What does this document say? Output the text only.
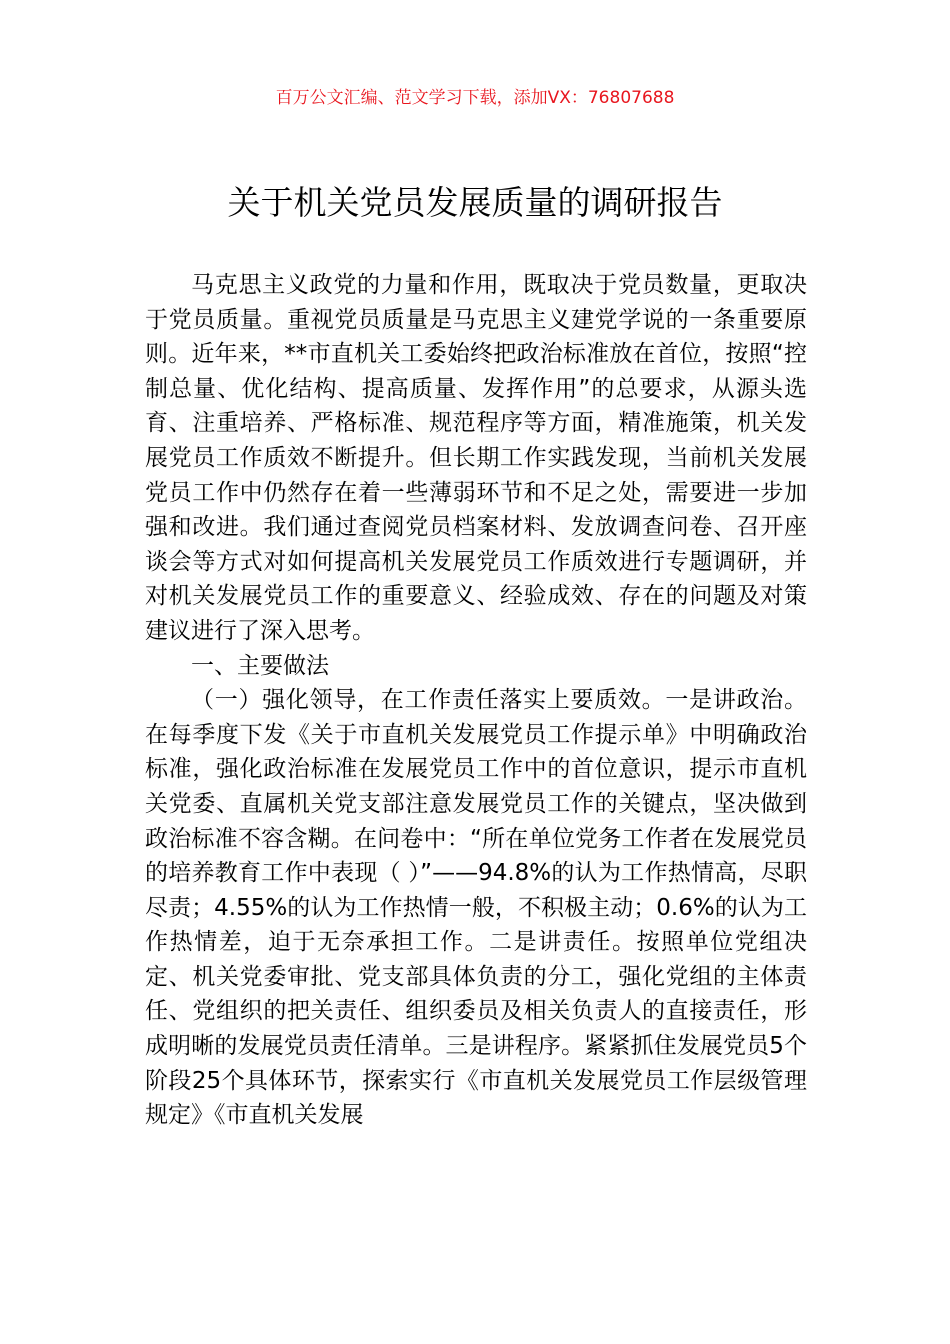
百万公文汇编、范文学习下载，添加VX：76807688
关于机关党员发展质量的调研报告

马克思主义政党的力量和作用，既取决于党员数量，更取决于党员质量。重视党员质量是马克思主义建党学说的一条重要原则。近年来，**市直机关工委始终把政治标准放在首位，按照“控制总量、优化结构、提高质量、发挥作用”的总要求，从源头选育、注重培养、严格标准、规范程序等方面，精准施策，机关发展党员工作质效不断提升。但长期工作实践发现，当前机关发展党员工作中仍然存在着一些薄弱环节和不足之处，需要进一步加强和改进。我们通过查阅党员档案材料、发放调查问卷、召开座谈会等方式对如何提高机关发展党员工作质效进行专题调研，并对机关发展党员工作的重要意义、经验成效、存在的问题及对策建议进行了深入思考。

一、主要做法

（一）强化领导，在工作责任落实上要质效。一是讲政治。在每季度下发《关于市直机关发展党员工作提示单》中明确政治标准，强化政治标准在发展党员工作中的首位意识，提示市直机关党委、直属机关党支部注意发展党员工作的关键点，坚决做到政治标准不容含糊。在问卷中：“所在单位党务工作者在发展党员的培养教育工作中表现（ ）”——94.8%的认为工作热情高，尽职尽责；4.55%的认为工作热情一般，不积极主动；0.6%的认为工作热情差，迫于无奈承担工作。二是讲责任。按照单位党组决定、机关党委审批、党支部具体负责的分工，强化党组的主体责任、党组织的把关责任、组织委员及相关负责人的直接责任，形成明晰的发展党员责任清单。三是讲程序。紧紧抓住发展党员5个阶段25个具体环节，探索实行《市直机关发展党员工作层级管理规定》《市直机关发展
